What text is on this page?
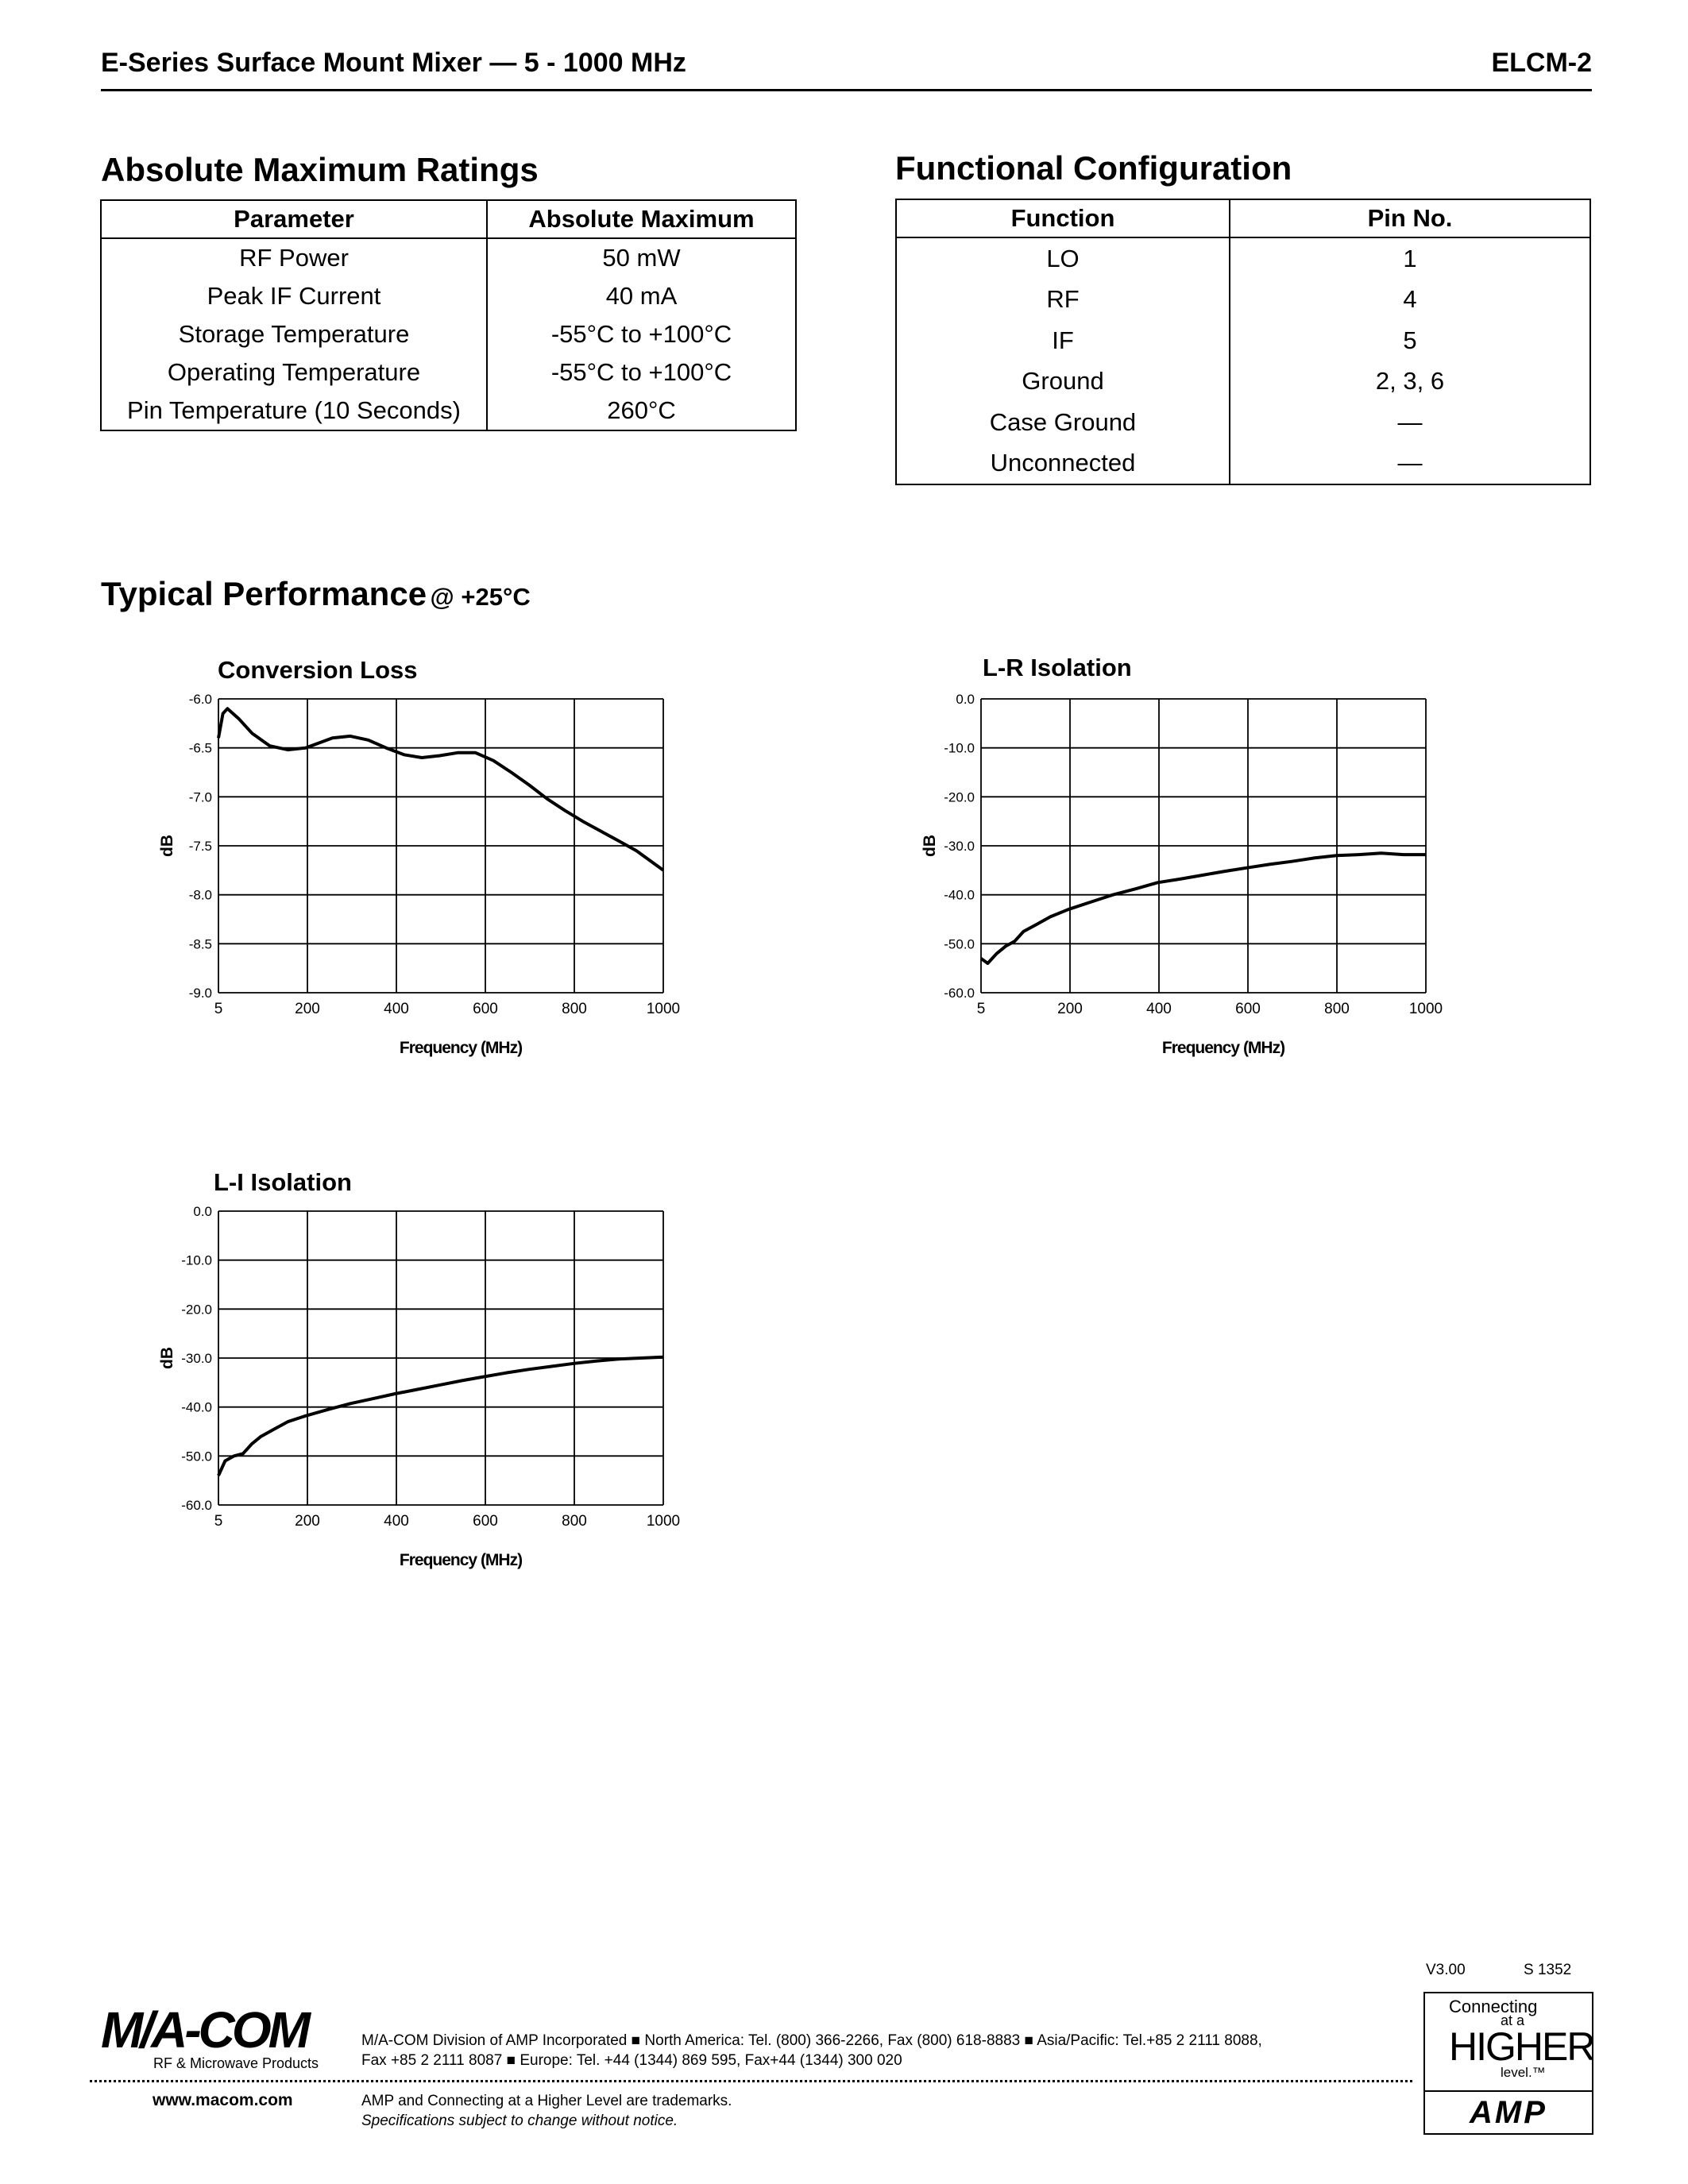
E-Series Surface Mount Mixer — 5 - 1000 MHz	ELCM-2
Absolute Maximum Ratings
Parameter	Absolute Maximum
RF Power	50 mW
Peak IF Current	40 mA
Storage Temperature	-55°C to +100°C
Operating Temperature	-55°C to +100°C
Pin Temperature (10 Seconds)	260°C
Functional Configuration
Function	Pin No.
LO	1
RF	4
IF	5
Ground	2, 3, 6
Case Ground	—
Unconnected	—
Typical Performance @ +25°C
Conversion Loss
-6.0
-6.5
-7.0
-7.5
-8.0
-8.5
-9.0
5	200	400	600	800	1000
Frequency (MHz)
dB
L-R Isolation
0.0
-10.0
-20.0
-30.0
-40.0
-50.0
-60.0
5	200	400	600	800	1000
Frequency (MHz)
dB
L-I Isolation
0.0
-10.0
-20.0
-30.0
-40.0
-50.0
-60.0
5	200	400	600	800	1000
Frequency (MHz)
dB
V3.00	S 1352
M/A-COM
RF & Microwave Products
M/A-COM Division of AMP Incorporated ■ North America: Tel. (800) 366-2266, Fax (800) 618-8883 ■ Asia/Pacific: Tel.+85 2 2111 8088,
Fax +85 2 2111 8087 ■ Europe: Tel. +44 (1344) 869 595, Fax+44 (1344) 300 020
www.macom.com	AMP and Connecting at a Higher Level are trademarks.
Specifications subject to change without notice.
Connecting
at a
HIGHER
level.™
AMP
